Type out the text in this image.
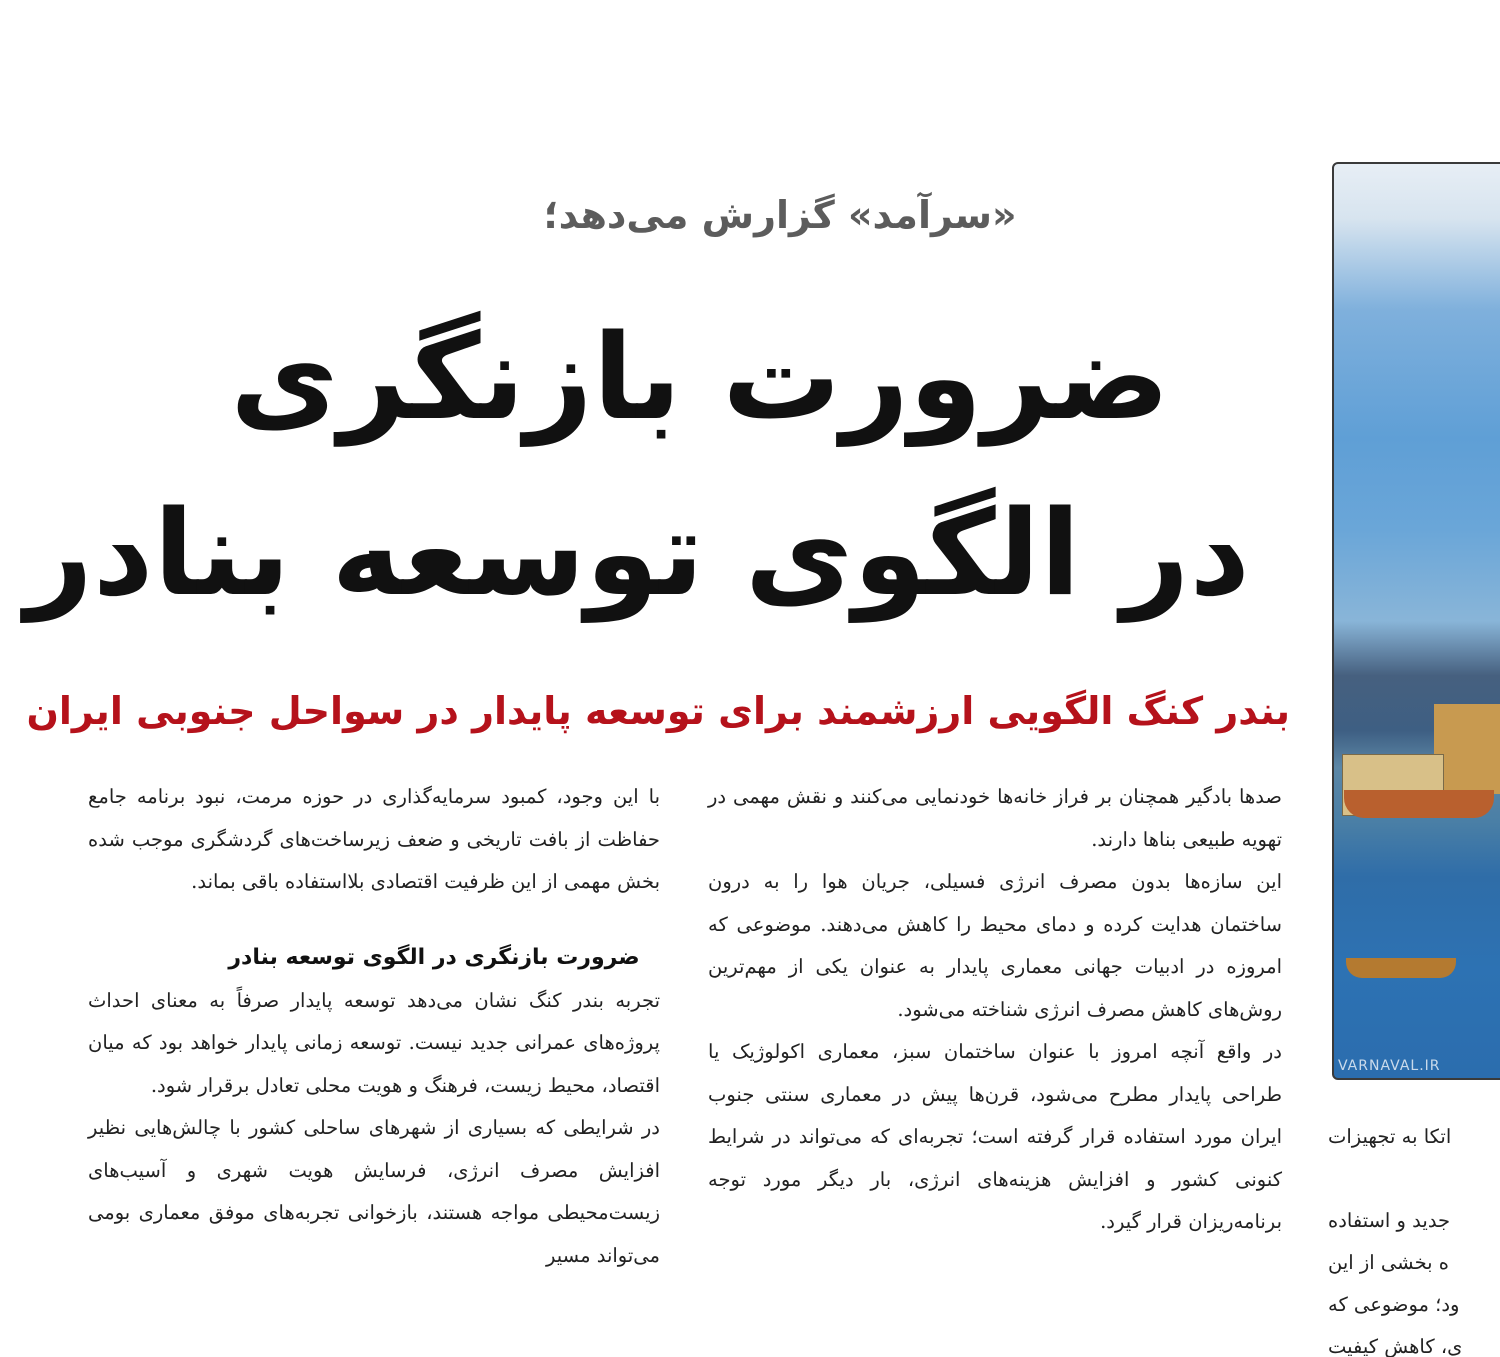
«سرآمد» گزارش می‌دهد؛
ضرورت بازنگری
در الگوی توسعه بنادر
بندر کنگ الگویی ارزشمند برای توسعه پایدار در سواحل جنوبی ایران

صدها بادگیر همچنان بر فراز خانه‌ها خودنمایی می‌کنند و نقش مهمی در تهویه طبیعی بناها دارند.

این سازه‌ها بدون مصرف انرژی فسیلی، جریان هوا را به درون ساختمان هدایت کرده و دمای محیط را کاهش می‌دهند. موضوعی که امروزه در ادبیات جهانی معماری پایدار به عنوان یکی از مهم‌ترین روش‌های کاهش مصرف انرژی شناخته می‌شود.

در واقع آنچه امروز با عنوان ساختمان سبز، معماری اکولوژیک یا طراحی پایدار مطرح می‌شود، قرن‌ها پیش در معماری سنتی جنوب ایران مورد استفاده قرار گرفته است؛ تجربه‌ای که می‌تواند در شرایط کنونی کشور و افزایش هزینه‌های انرژی، بار دیگر مورد توجه برنامه‌ریزان قرار گیرد.

با این وجود، کمبود سرمایه‌گذاری در حوزه مرمت، نبود برنامه جامع حفاظت از بافت تاریخی و ضعف زیرساخت‌های گردشگری موجب شده بخش مهمی از این ظرفیت اقتصادی بلااستفاده باقی بماند.

ضرورت بازنگری در الگوی توسعه بنادر

تجربه بندر کنگ نشان می‌دهد توسعه پایدار صرفاً به معنای احداث پروژه‌های عمرانی جدید نیست. توسعه زمانی پایدار خواهد بود که میان اقتصاد، محیط زیست، فرهنگ و هویت محلی تعادل برقرار شود.

در شرایطی که بسیاری از شهرهای ساحلی کشور با چالش‌هایی نظیر افزایش مصرف انرژی، فرسایش هویت شهری و آسیب‌های زیست‌محیطی مواجه هستند، بازخوانی تجربه‌های موفق معماری بومی می‌تواند مسیر

VARNAVAL.IR
اتکا به تجهیزات
جدید و استفاده
ه بخشی از این
ود؛ موضوعی که
ی، کاهش کیفیت
